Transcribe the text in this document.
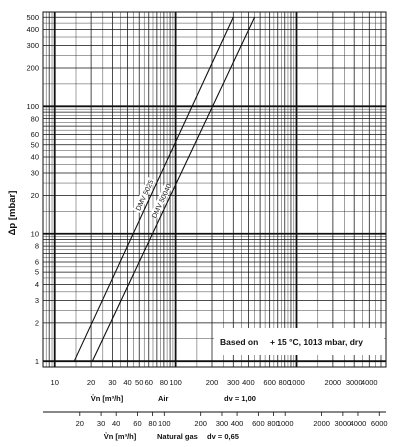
1
2
3
4
5
6
8
10
20
30
40
50
60
80
100
200
300
400
500
10	20 30 40 50 60 80 100	200 300 400 600 800
1000	2000 3000
4000
20 30 40 60 80 100	200 300 400 600 800
1000	2000 3000
4000 6000
DMV 5025
DMV 50040
Δp [mbar]
V̊n [m³/h]	Air	dv = 1,00
V̊n [m³/h]	Natural gas dv = 0,65
Based on + 15 °C, 1013 mbar, dry
